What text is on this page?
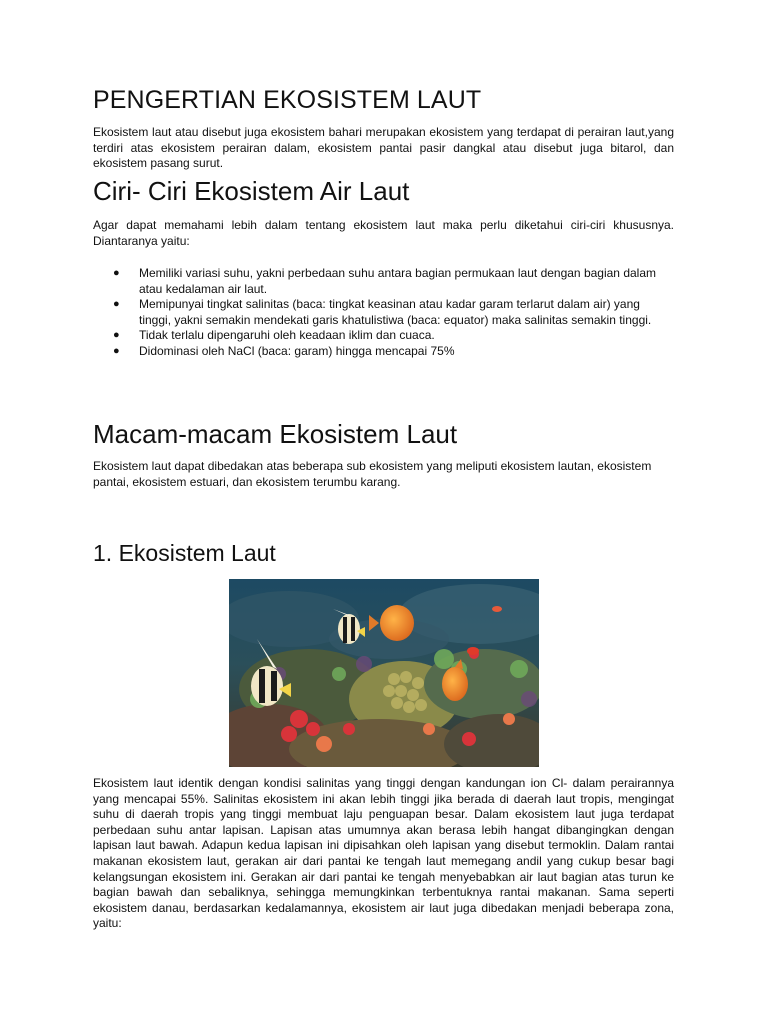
PENGERTIAN EKOSISTEM LAUT

Ekosistem laut atau disebut juga ekosistem bahari merupakan ekosistem yang terdapat di perairan laut,yang terdiri atas ekosistem perairan dalam, ekosistem pantai pasir dangkal atau disebut juga bitarol, dan ekosistem pasang surut.

Ciri- Ciri Ekosistem Air Laut

Agar dapat memahami lebih dalam tentang ekosistem laut maka perlu diketahui ciri-ciri khususnya. Diantaranya yaitu:

● Memiliki variasi suhu, yakni perbedaan suhu antara bagian permukaan laut dengan bagian dalam atau kedalaman air laut.
● Memipunyai tingkat salinitas (baca: tingkat keasinan atau kadar garam terlarut dalam air) yang tinggi, yakni semakin mendekati garis khatulistiwa (baca: equator) maka salinitas semakin tinggi.
● Tidak terlalu dipengaruhi oleh keadaan iklim dan cuaca.
● Didominasi oleh NaCl (baca: garam) hingga mencapai 75%
Macam-macam Ekosistem Laut

Ekosistem laut dapat dibedakan atas beberapa sub ekosistem yang meliputi ekosistem lautan, ekosistem pantai, ekosistem estuari, dan ekosistem terumbu karang.

1. Ekosistem Laut

Ekosistem laut identik dengan kondisi salinitas yang tinggi dengan kandungan ion Cl- dalam perairannya yang mencapai 55%. Salinitas ekosistem ini akan lebih tinggi jika berada di daerah laut tropis, mengingat suhu di daerah tropis yang tinggi membuat laju penguapan besar. Dalam ekosistem laut juga terdapat perbedaan suhu antar lapisan. Lapisan atas umumnya akan berasa lebih hangat dibangingkan dengan lapisan laut bawah. Adapun kedua lapisan ini dipisahkan oleh lapisan yang disebut termoklin. Dalam rantai makanan ekosistem laut, gerakan air dari pantai ke tengah laut memegang andil yang cukup besar bagi kelangsungan ekosistem ini. Gerakan air dari pantai ke tengah menyebabkan air laut bagian atas turun ke bagian bawah dan sebaliknya, sehingga memungkinkan terbentuknya rantai makanan. Sama seperti ekosistem danau, berdasarkan kedalamannya, ekosistem air laut juga dibedakan menjadi beberapa zona, yaitu:
